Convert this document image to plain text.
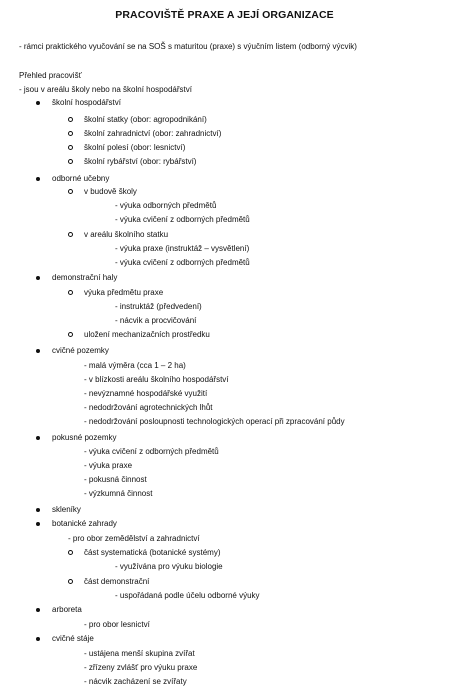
PRACOVIŠTĚ PRAXE A JEJÍ ORGANIZACE
- rámci praktického vyučování se na SOŠ s maturitou (praxe) s výučním listem (odborný výcvik)
Přehled pracovišť
- jsou v areálu školy nebo na školní hospodářství
školní hospodářství
školní statky (obor: agropodnikání)
školní zahradnictví (obor: zahradnictví)
školní polesí (obor: lesnictví)
školní rybářství (obor: rybářství)
odborné učebny
v budově školy
- výuka odborných předmětů
- výuka cvičení z odborných předmětů
v areálu školního statku
- výuka praxe (instruktáž – vysvětlení)
- výuka cvičení z odborných předmětů
demonstrační haly
výuka předmětu praxe
- instruktáž (předvedení)
- nácvik a procvičování
uložení mechanizačních prostředku
cvičné pozemky
- malá výměra (cca 1 – 2 ha)
- v blízkosti areálu školního hospodářství
- nevýznamné hospodářské využití
- nedodržování agrotechnických lhůt
- nedodržování posloupnosti technologických operací při zpracování půdy
pokusné pozemky
- výuka cvičení z odborných předmětů
- výuka praxe
- pokusná činnost
- výzkumná činnost
skleníky
botanické zahrady
- pro obor zemědělství a zahradnictví
část systematická (botanické systémy)
- využívána pro výuku biologie
část demonstrační
- uspořádaná podle účelu odborné výuky
arboreta
- pro obor lesnictví
cvičné stáje
- ustájena menší skupina zvířat
- zřízeny zvlášť pro výuku praxe
- nácvik zacházení se zvířaty
